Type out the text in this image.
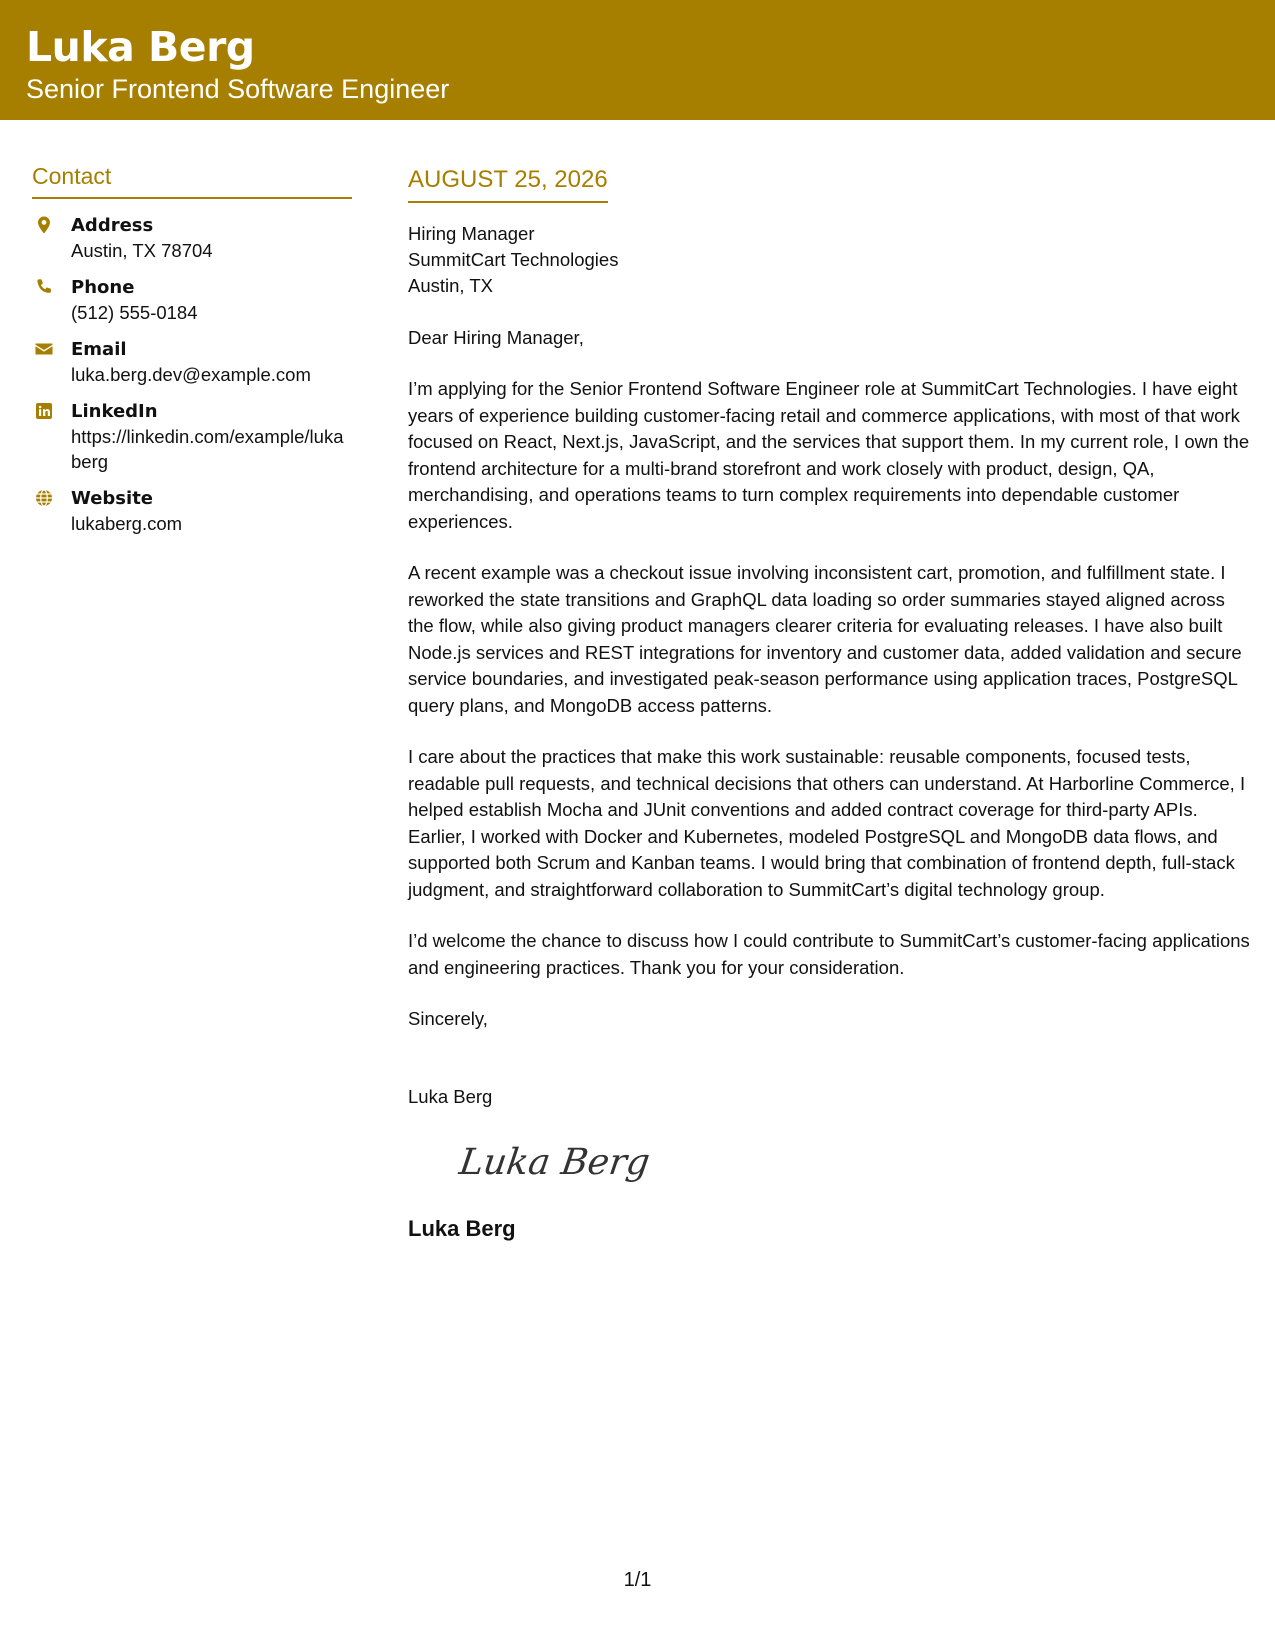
Luka Berg
Senior Frontend Software Engineer
Contact
Address
Austin, TX 78704
Phone
(512) 555-0184
Email
luka.berg.dev@example.com
LinkedIn
https://linkedin.com/example/lukaberg
Website
lukaberg.com
AUGUST 25, 2026
Hiring Manager
SummitCart Technologies
Austin, TX
Dear Hiring Manager,
I’m applying for the Senior Frontend Software Engineer role at SummitCart Technologies. I have eight years of experience building customer-facing retail and commerce applications, with most of that work focused on React, Next.js, JavaScript, and the services that support them. In my current role, I own the frontend architecture for a multi-brand storefront and work closely with product, design, QA, merchandising, and operations teams to turn complex requirements into dependable customer experiences.
A recent example was a checkout issue involving inconsistent cart, promotion, and fulfillment state. I reworked the state transitions and GraphQL data loading so order summaries stayed aligned across the flow, while also giving product managers clearer criteria for evaluating releases. I have also built Node.js services and REST integrations for inventory and customer data, added validation and secure service boundaries, and investigated peak-season performance using application traces, PostgreSQL query plans, and MongoDB access patterns.
I care about the practices that make this work sustainable: reusable components, focused tests, readable pull requests, and technical decisions that others can understand. At Harborline Commerce, I helped establish Mocha and JUnit conventions and added contract coverage for third-party APIs. Earlier, I worked with Docker and Kubernetes, modeled PostgreSQL and MongoDB data flows, and supported both Scrum and Kanban teams. I would bring that combination of frontend depth, full-stack judgment, and straightforward collaboration to SummitCart’s digital technology group.
I’d welcome the chance to discuss how I could contribute to SummitCart’s customer-facing applications and engineering practices. Thank you for your consideration.
Sincerely,
Luka Berg
Luka Berg
Luka Berg
1/1
